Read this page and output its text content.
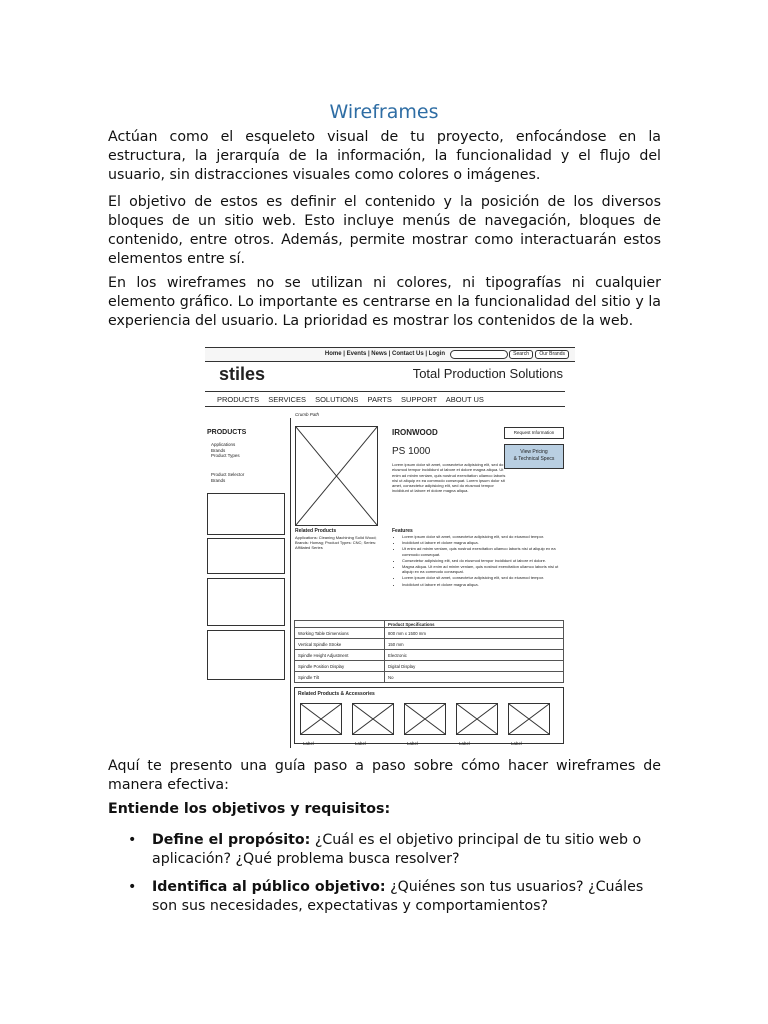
Wireframes

Actúan como el esqueleto visual de tu proyecto, enfocándose en la estructura, la jerarquía de la información, la funcionalidad y el flujo del usuario, sin distracciones visuales como colores o imágenes.

El objetivo de estos es definir el contenido y la posición de los diversos bloques de un sitio web. Esto incluye menús de navegación, bloques de contenido, entre otros. Además, permite mostrar como interactuarán estos elementos entre sí.

En los wireframes no se utilizan ni colores, ni tipografías ni cualquier elemento gráfico. Lo importante es centrarse en la funcionalidad del sitio y la experiencia del usuario. La prioridad es mostrar los contenidos de la web.

Home | Events | News | Contact Us | Login	Search	Our Brands
stiles	Total Production Solutions
PRODUCTS SERVICES SOLUTIONS PARTS SUPPORT ABOUT US
Crumb Path
PRODUCTS
Applications
Brands
Product Types
Product Selector
Brands
IRONWOOD
PS 1000
Lorem ipsum dolor sit amet, consectetur adipisicing elit, sed do eiusmod tempor incididunt ut labore et dolore magna aliqua. Ut enim ad minim veniam, quis nostrud exercitation ullamco laboris nisi ut aliquip ex ea commodo consequat. Lorem ipsum dolor sit amet, consectetur adipisicing elit, sed do eiusmod tempor incididunt ut labore et dolore magna aliqua.
Request Information
View Pricing
& Technical Specs
Related Products
Applications: Cleaning Machining Solid Wood; Brands: Homag; Product Types: CNC; Series: Affiliated Series
Features
• Lorem ipsum dolor sit amet, consectetur adipisicing elit, sed do eiusmod tempor.
• Incididunt ut labore et dolore magna aliqua.
• Ut enim ad minim veniam, quis nostrud exercitation ullamco laboris nisi ut aliquip ex ea commodo consequat.
• Consectetur adipisicing elit, sed do eiusmod tempor incididunt ut labore et dolore.
• Magna aliqua. Ut enim ad minim veniam, quis nostrud exercitation ullamco laboris nisi ut aliquip ex ea commodo consequat.
• Lorem ipsum dolor sit amet, consectetur adipisicing elit, sed do eiusmod tempor.
• Incididunt ut labore et dolore magna aliqua.
	Product Specifications
Working Table Dimensions	800 mm x 1500 mm
Vertical Spindle Stroke	150 mm
Spindle Height Adjustment	Electronic
Spindle Position Display	Digital Display
Spindle Tilt	No
Related Products & Accessories
Label	Label	Label	Label	Label

Aquí te presento una guía paso a paso sobre cómo hacer wireframes de manera efectiva:

Entiende los objetivos y requisitos:

• Define el propósito: ¿Cuál es el objetivo principal de tu sitio web o aplicación? ¿Qué problema busca resolver?
• Identifica al público objetivo: ¿Quiénes son tus usuarios? ¿Cuáles son sus necesidades, expectativas y comportamientos?
